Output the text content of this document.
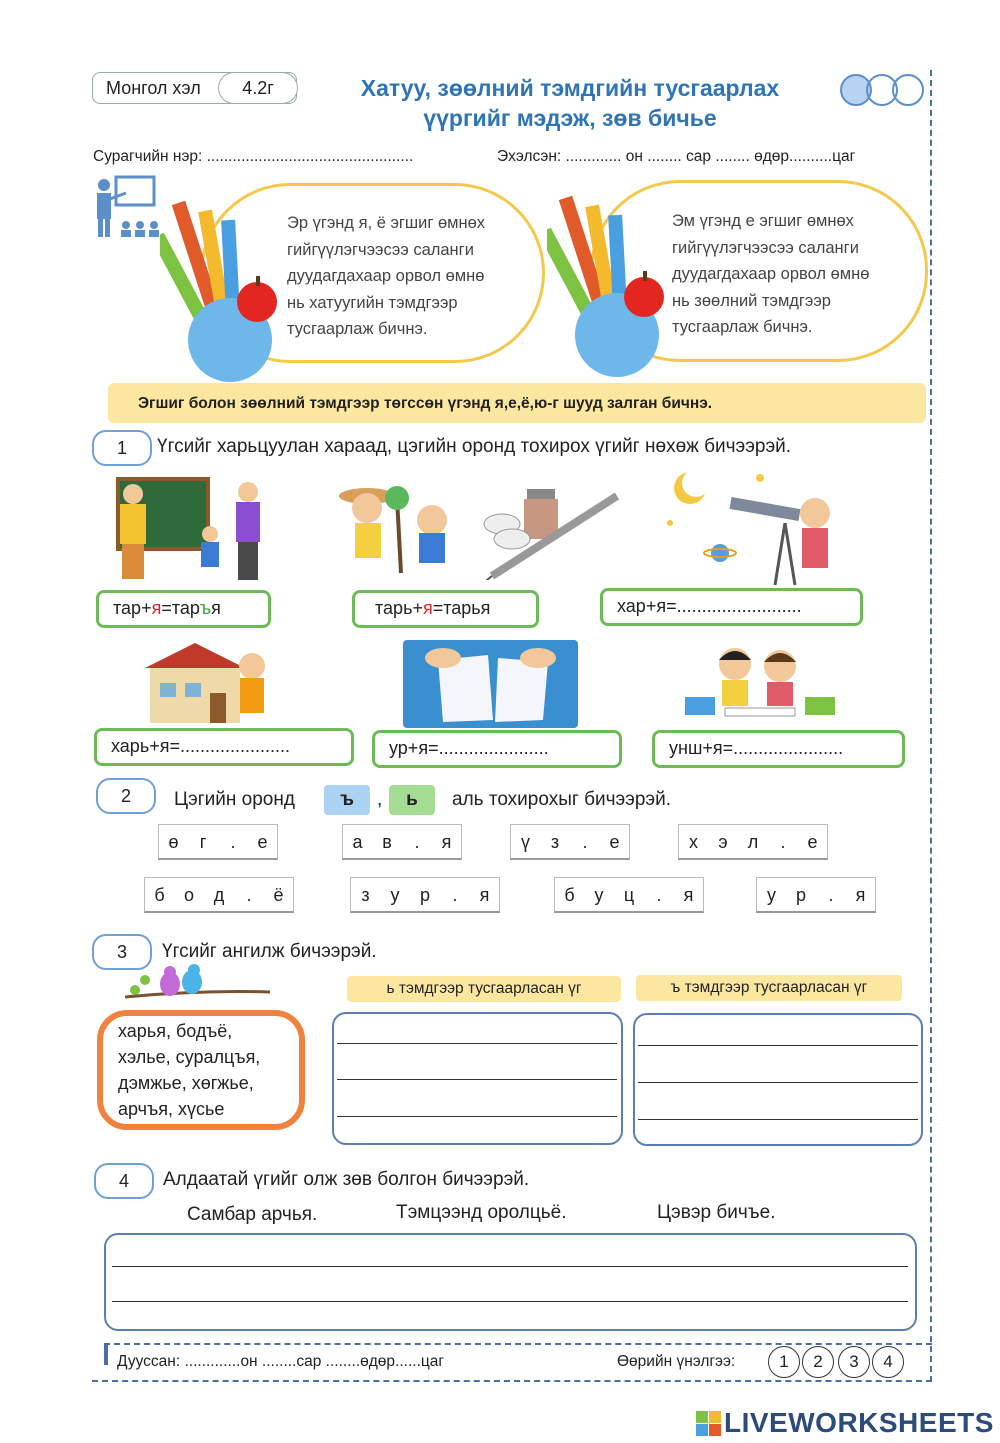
Монгол хэл	4.2г	Хатуу, зөөлний тэмдгийн тусгаарлах
үүргийг мэдэж, зөв бичье
Сурагчийн нэр: ................................................	Эхэлсэн: ............. он ........ сар ........ өдөр..........цаг
Эр үгэнд я, ё эгшиг өмнөх
гийгүүлэгчээсээ саланги
дуудагдахаар орвол өмнө
нь хатуугийн тэмдгээр
тусгаарлаж бичнэ.
Эм үгэнд е эгшиг өмнөх
гийгүүлэгчээсээ саланги
дуудагдахаар орвол өмнө
нь зөөлний тэмдгээр
тусгаарлаж бичнэ.
Эгшиг болон зөөлний тэмдгээр төгссөн үгэнд я,е,ё,ю-г шууд залган бичнэ.
1	Үгсийг харьцуулан хараад, цэгийн оронд тохирох үгийг нөхөж бичээрэй.
тар+я=таръя	тарь+я=тарья	хар+я=.........................
харь+я=......................	ур+я=......................	унш+я=......................
2	Цэгийн оронд	ъ	,	ь	аль тохирохыг бичээрэй.
ө	г	.	е	а	в	.	я	ү	з	.	е	х	э	л	.	е
б	о	д	.	ё	з	у	р	.	я	б	у	ц	.	я	у	р	.	я
3	Үгсийг ангилж бичээрэй.
харья, бодъё,
хэлье, суралцъя,
дэмжье, хөгжье,
арчъя, хүсье
ь тэмдгээр тусгаарласан үг	ъ тэмдгээр тусгаарласан үг
4	Алдаатай үгийг олж зөв болгон бичээрэй.
Самбар арчья.	Тэмцээнд оролцьё.	Цэвэр бичъе.
Дууссан: .............он ........сар ........өдөр......цаг	Өөрийн үнэлгээ:	1	2	3	4
LIVEWORKSHEETS
